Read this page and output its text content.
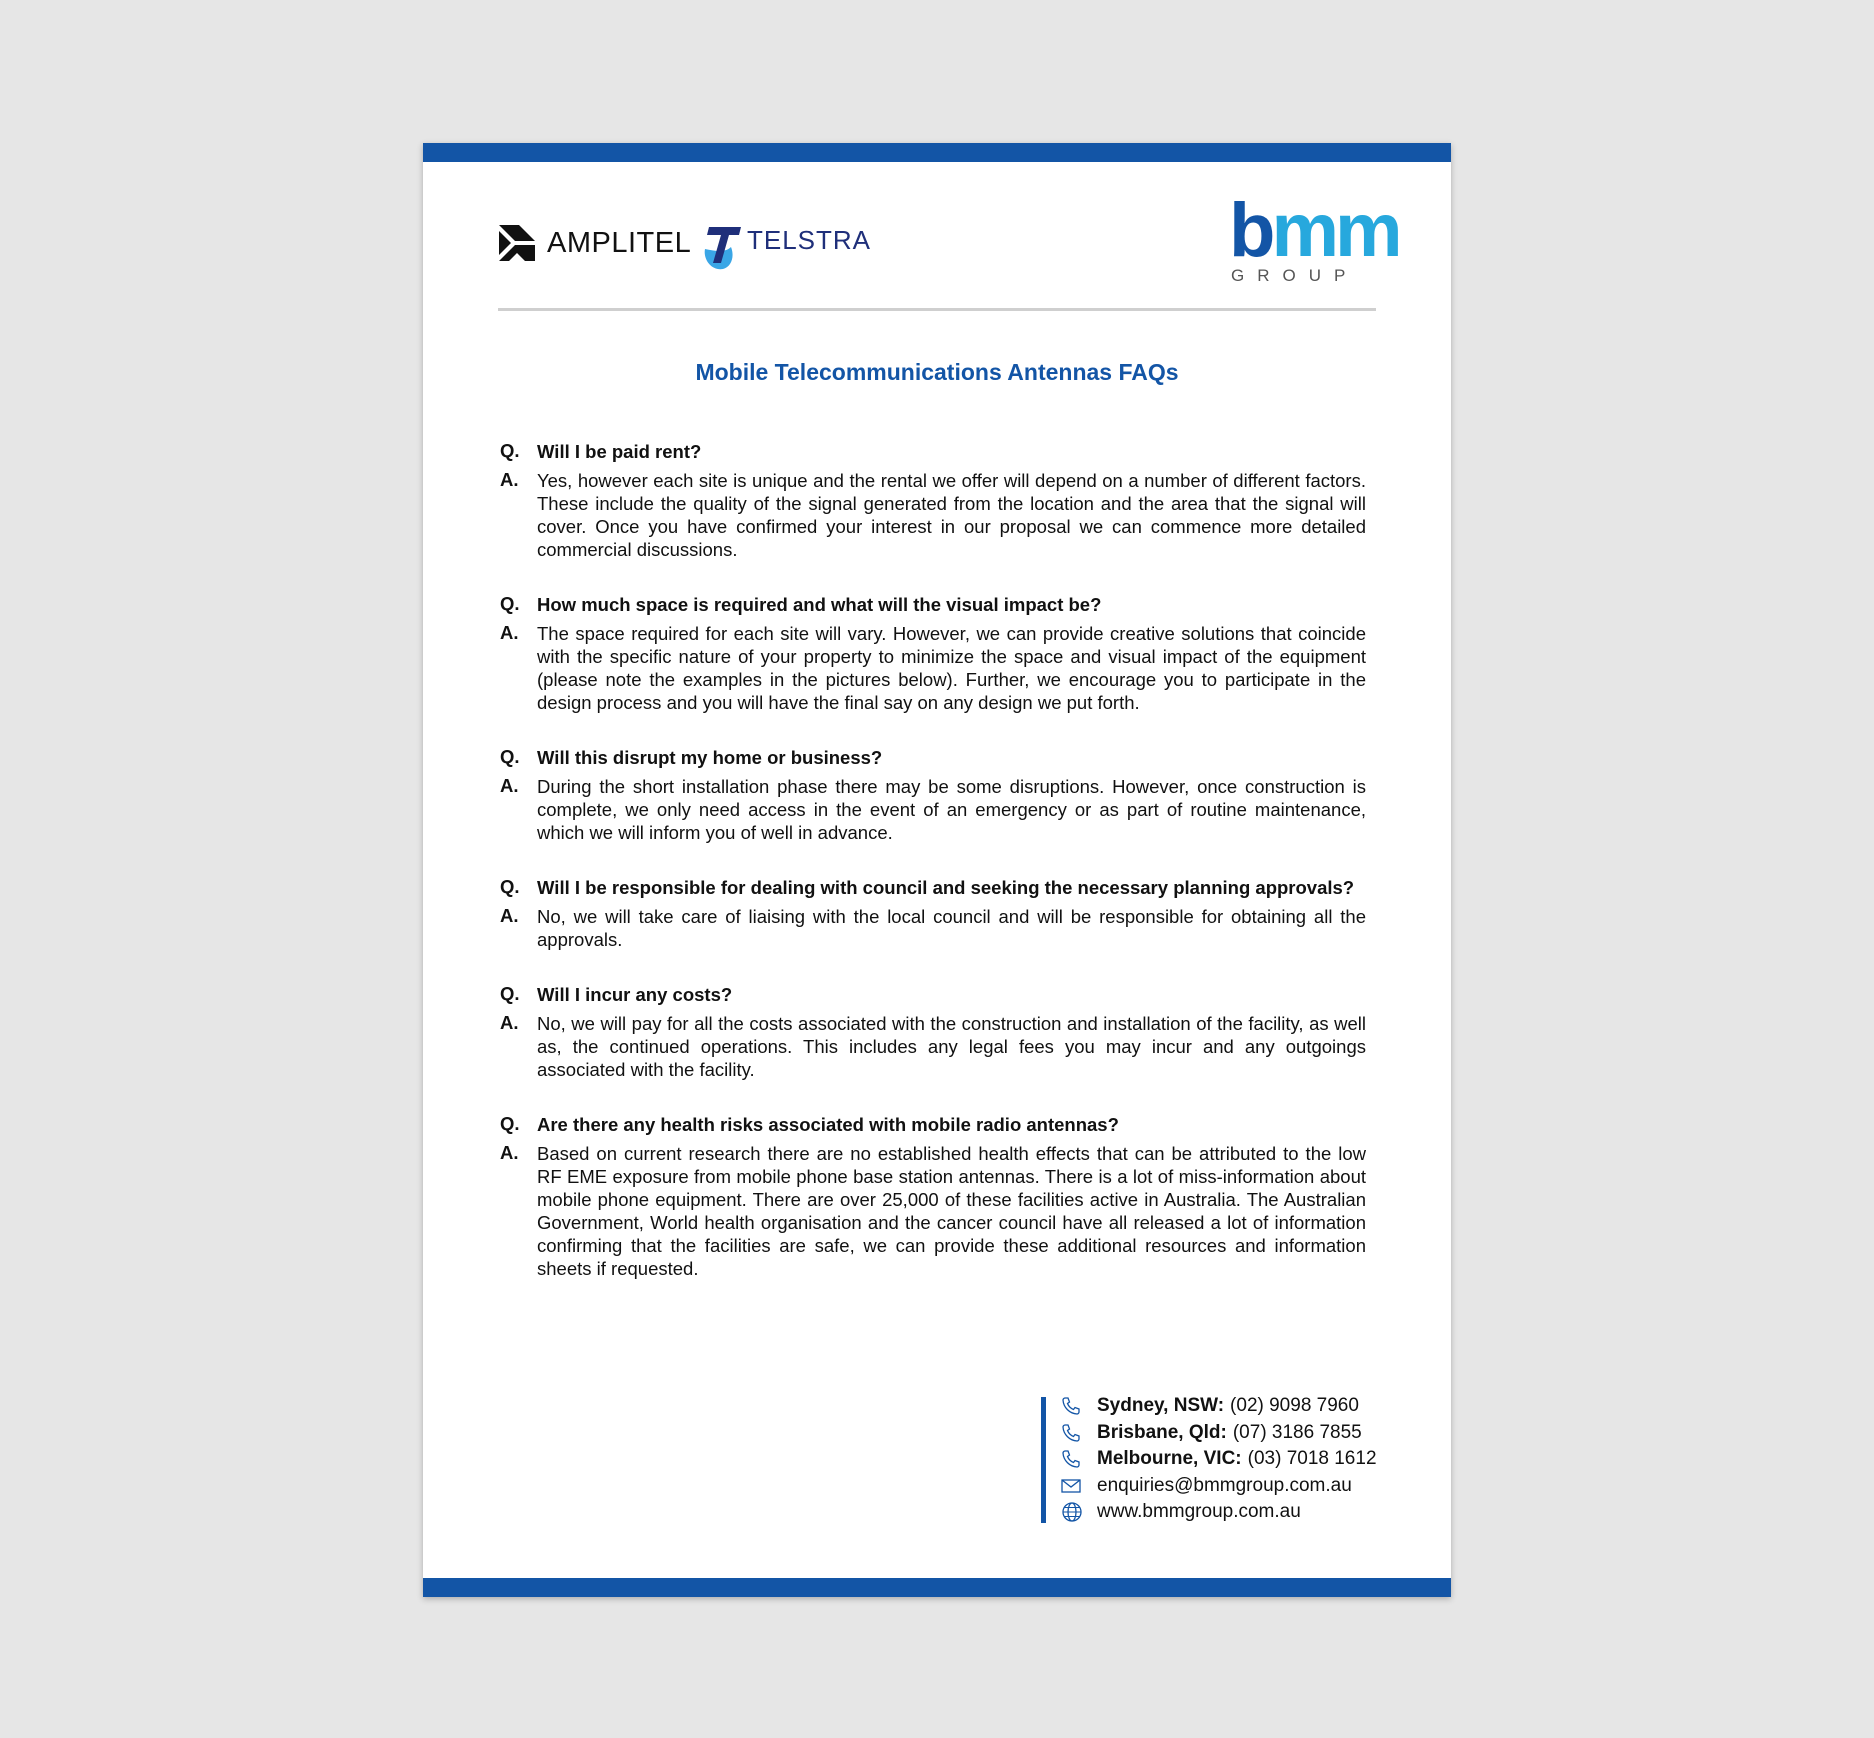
AMPLITEL TELSTRA	bmm
GROUP
Mobile Telecommunications Antennas FAQs
Q. Will I be paid rent?
A.	Yes, however each site is unique and the rental we offer will depend on a number of different factors. These include the quality of the signal generated from the location and the area that the signal will cover. Once you have confirmed your interest in our proposal we can commence more detailed commercial discussions.
Q. How much space is required and what will the visual impact be?
A.	The space required for each site will vary. However, we can provide creative solutions that coincide with the specific nature of your property to minimize the space and visual impact of the equipment (please note the examples in the pictures below). Further, we encourage you to participate in the design process and you will have the final say on any design we put forth.
Q. Will this disrupt my home or business?
A.	During the short installation phase there may be some disruptions. However, once construction is complete, we only need access in the event of an emergency or as part of routine maintenance, which we will inform you of well in advance.
Q. Will I be responsible for dealing with council and seeking the necessary planning approvals?
A.	No, we will take care of liaising with the local council and will be responsible for obtaining all the approvals.
Q. Will I incur any costs?
A.	No, we will pay for all the costs associated with the construction and installation of the facility, as well as, the continued operations. This includes any legal fees you may incur and any outgoings associated with the facility.
Q. Are there any health risks associated with mobile radio antennas?
A.	Based on current research there are no established health effects that can be attributed to the low RF EME exposure from mobile phone base station antennas. There is a lot of miss-information about mobile phone equipment. There are over 25,000 of these facilities active in Australia. The Australian Government, World health organisation and the cancer council have all released a lot of information confirming that the facilities are safe, we can provide these additional resources and information sheets if requested.
Sydney, NSW: (02) 9098 7960
Brisbane, Qld: (07) 3186 7855
Melbourne, VIC: (03) 7018 1612
enquiries@bmmgroup.com.au
www.bmmgroup.com.au
